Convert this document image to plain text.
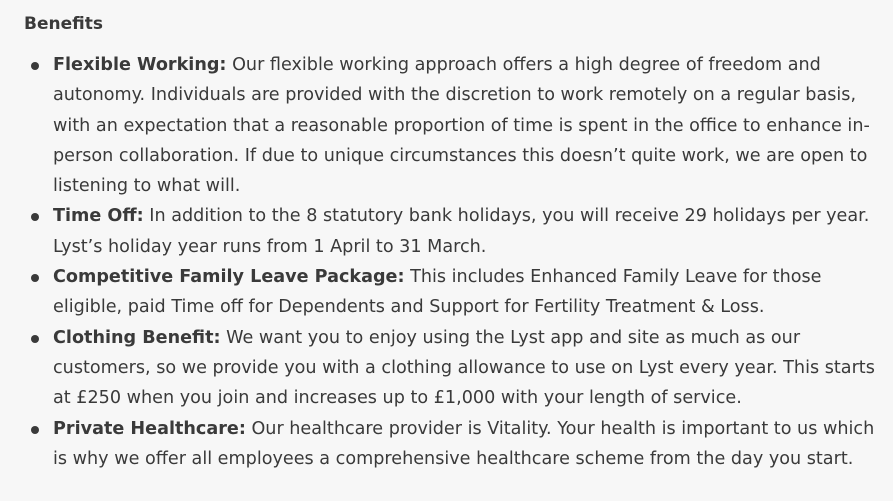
Benefits
Flexible Working: Our flexible working approach offers a high degree of freedom and autonomy. Individuals are provided with the discretion to work remotely on a regular basis, with an expectation that a reasonable proportion of time is spent in the office to enhance in-person collaboration. If due to unique circumstances this doesn’t quite work, we are open to listening to what will.
Time Off: In addition to the 8 statutory bank holidays, you will receive 29 holidays per year. Lyst’s holiday year runs from 1 April to 31 March.
Competitive Family Leave Package: This includes Enhanced Family Leave for those eligible, paid Time off for Dependents and Support for Fertility Treatment & Loss.
Clothing Benefit: We want you to enjoy using the Lyst app and site as much as our customers, so we provide you with a clothing allowance to use on Lyst every year. This starts at £250 when you join and increases up to £1,000 with your length of service.
Private Healthcare: Our healthcare provider is Vitality. Your health is important to us which is why we offer all employees a comprehensive healthcare scheme from the day you start.
